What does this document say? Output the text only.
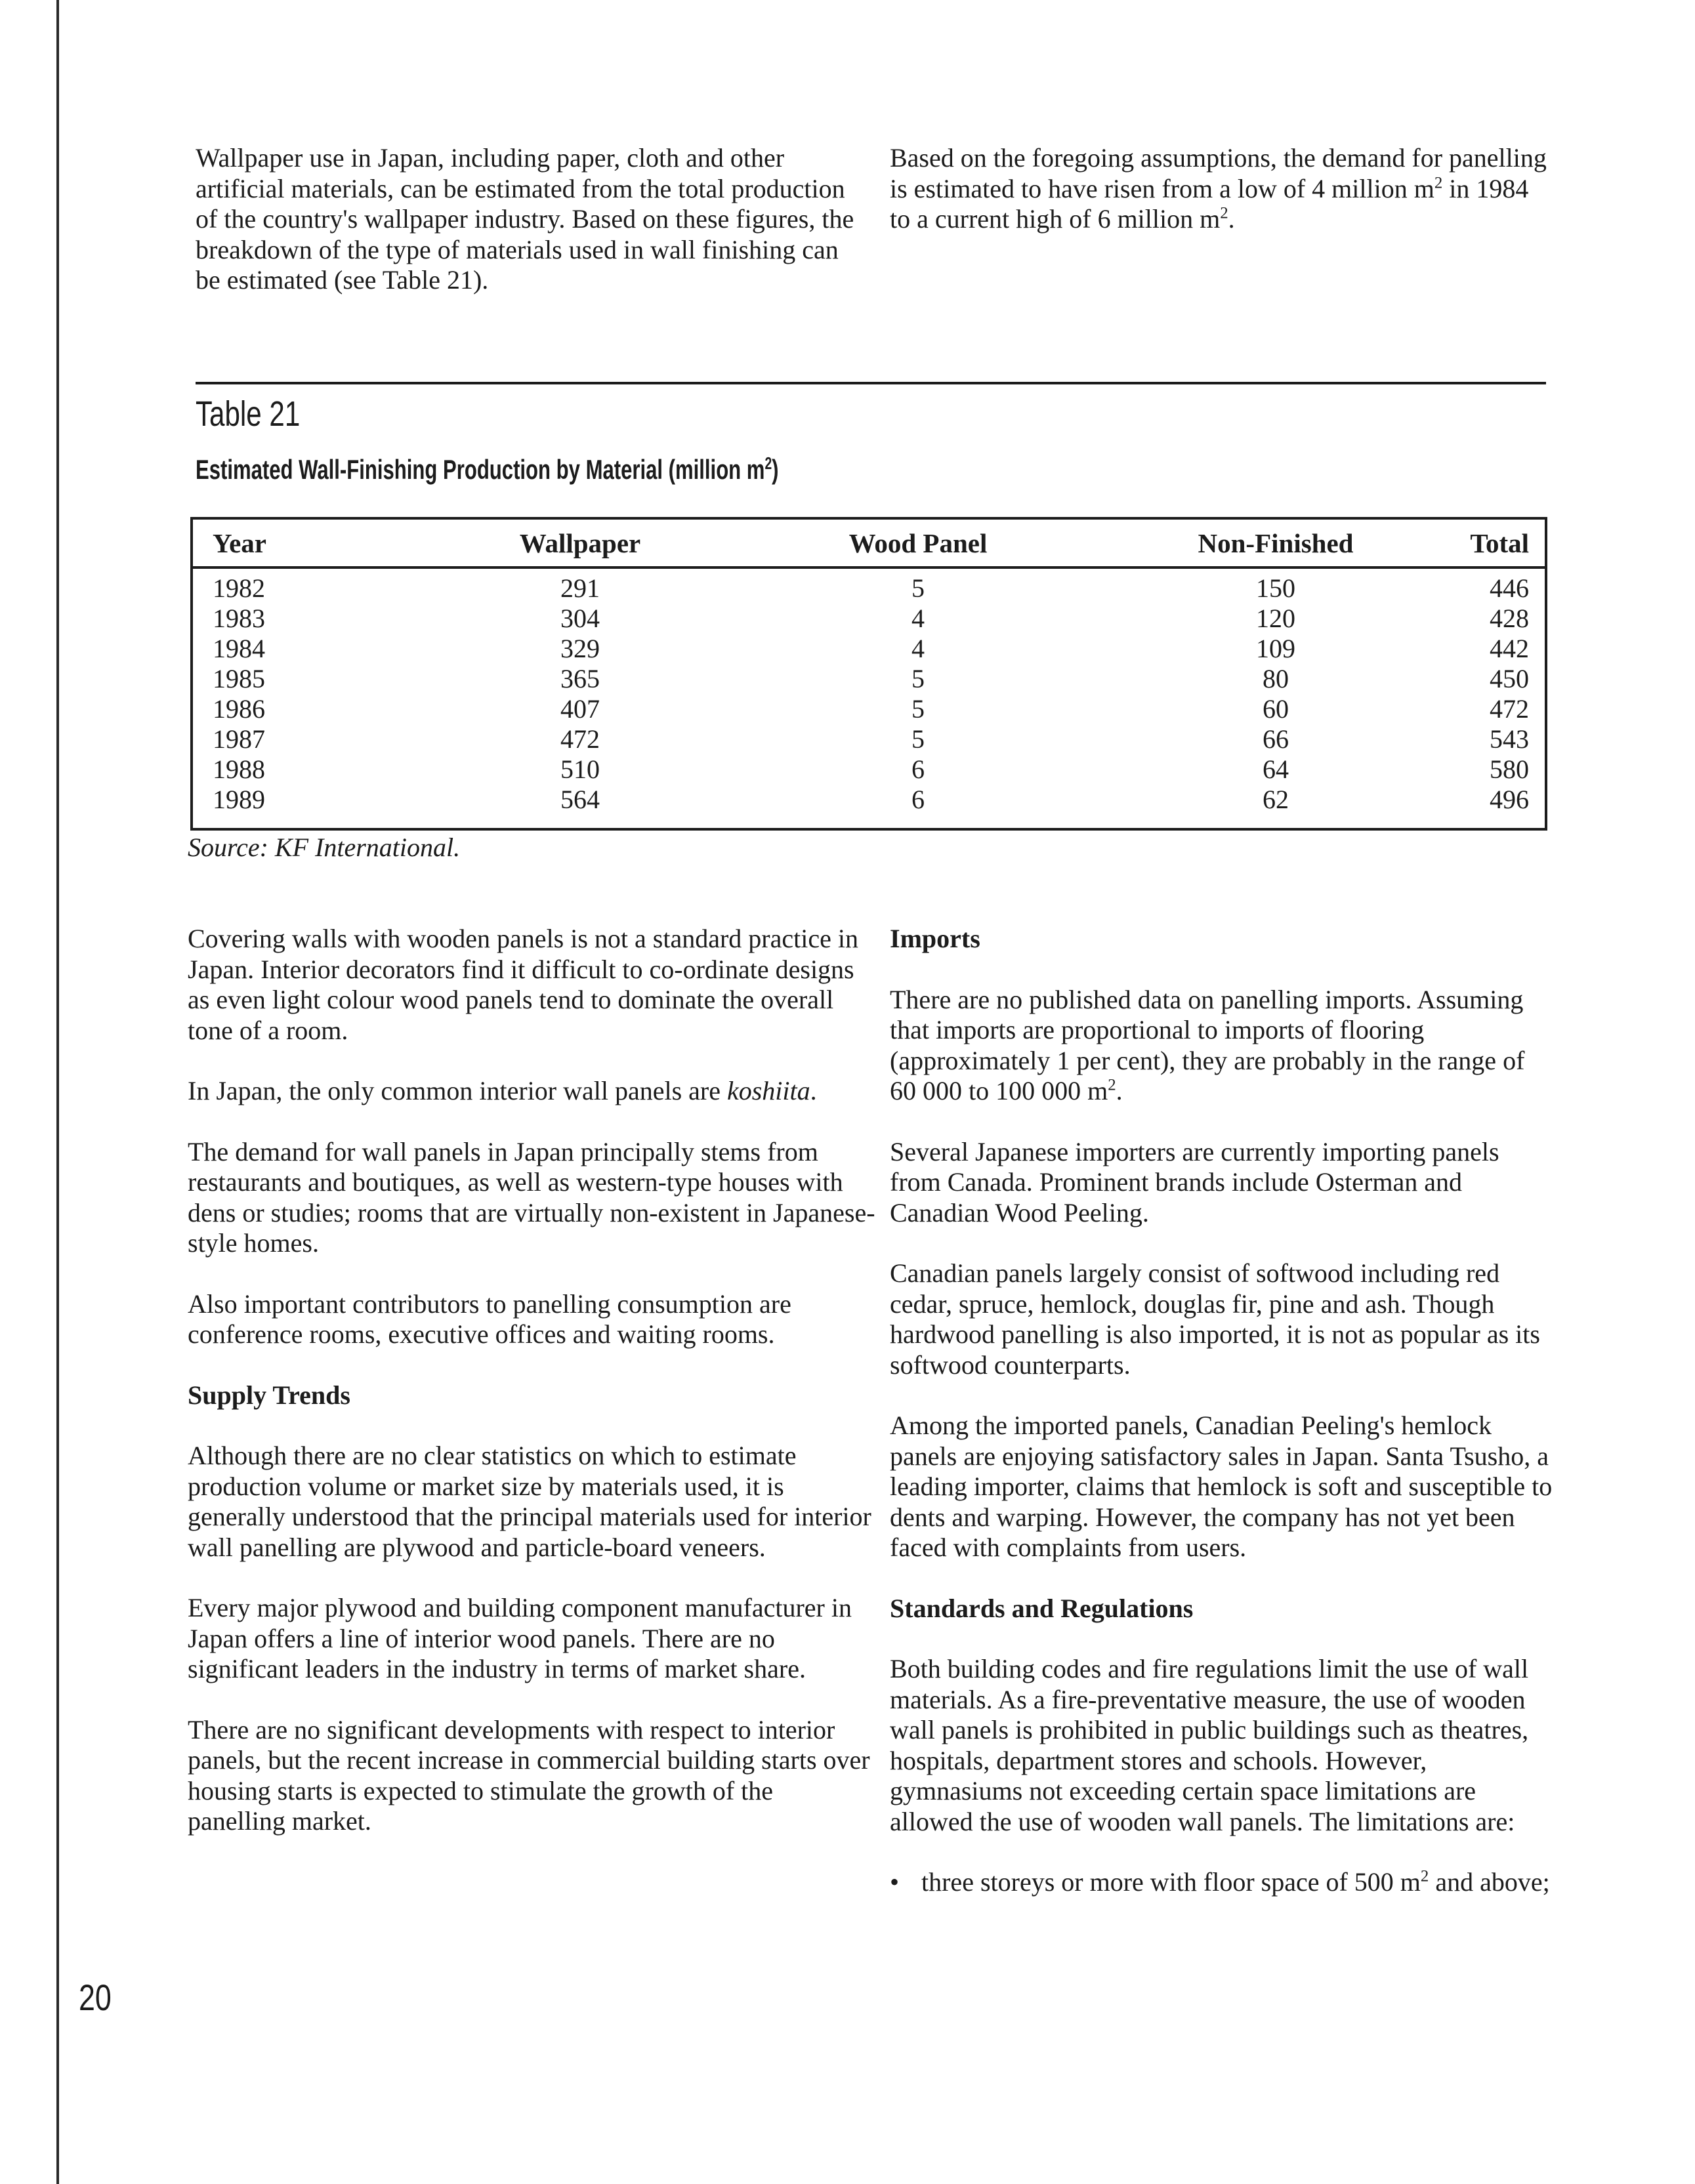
Wallpaper use in Japan, including paper, cloth and other artificial materials, can be estimated from the total production of the country's wallpaper industry. Based on these figures, the breakdown of the type of materials used in wall finishing can be estimated (see Table 21).

Based on the foregoing assumptions, the demand for panelling is estimated to have risen from a low of 4 million $m^2$ in 1984 to a current high of 6 million $m^2$.

Table 21
Estimated Wall-Finishing Production by Material (million $m^2$)
Year	Wallpaper	Wood Panel	Non-Finished	Total
1982	291	5	150	446
1983	304	4	120	428
1984	329	4	109	442
1985	365	5	80	450
1986	407	5	60	472
1987	472	5	66	543
1988	510	6	64	580
1989	564	6	62	496
Source: KF International.

Covering walls with wooden panels is not a standard practice in Japan. Interior decorators find it difficult to co-ordinate designs as even light colour wood panels tend to dominate the overall tone of a room.

In Japan, the only common interior wall panels are koshiita.

The demand for wall panels in Japan principally stems from restaurants and boutiques, as well as western-type houses with dens or studies; rooms that are virtually non-existent in Japanese-style homes.

Also important contributors to panelling consumption are conference rooms, executive offices and waiting rooms.

Supply Trends

Although there are no clear statistics on which to estimate production volume or market size by materials used, it is generally understood that the principal materials used for interior wall panelling are plywood and particle-board veneers.

Every major plywood and building component manufacturer in Japan offers a line of interior wood panels. There are no significant leaders in the industry in terms of market share.

There are no significant developments with respect to interior panels, but the recent increase in commercial building starts over housing starts is expected to stimulate the growth of the panelling market.

Imports

There are no published data on panelling imports. Assuming that imports are proportional to imports of flooring (approximately 1 per cent), they are probably in the range of 60 000 to 100 000 $m^2$.

Several Japanese importers are currently importing panels from Canada. Prominent brands include Osterman and Canadian Wood Peeling.

Canadian panels largely consist of softwood including red cedar, spruce, hemlock, douglas fir, pine and ash. Though hardwood panelling is also imported, it is not as popular as its softwood counterparts.

Among the imported panels, Canadian Peeling's hemlock panels are enjoying satisfactory sales in Japan. Santa Tsusho, a leading importer, claims that hemlock is soft and susceptible to dents and warping. However, the company has not yet been faced with complaints from users.

Standards and Regulations

Both building codes and fire regulations limit the use of wall materials. As a fire-preventative measure, the use of wooden wall panels is prohibited in public buildings such as theatres, hospitals, department stores and schools. However, gymnasiums not exceeding certain space limitations are allowed the use of wooden wall panels. The limitations are:

• three storeys or more with floor space of 500 $m^2$ and above;
20
